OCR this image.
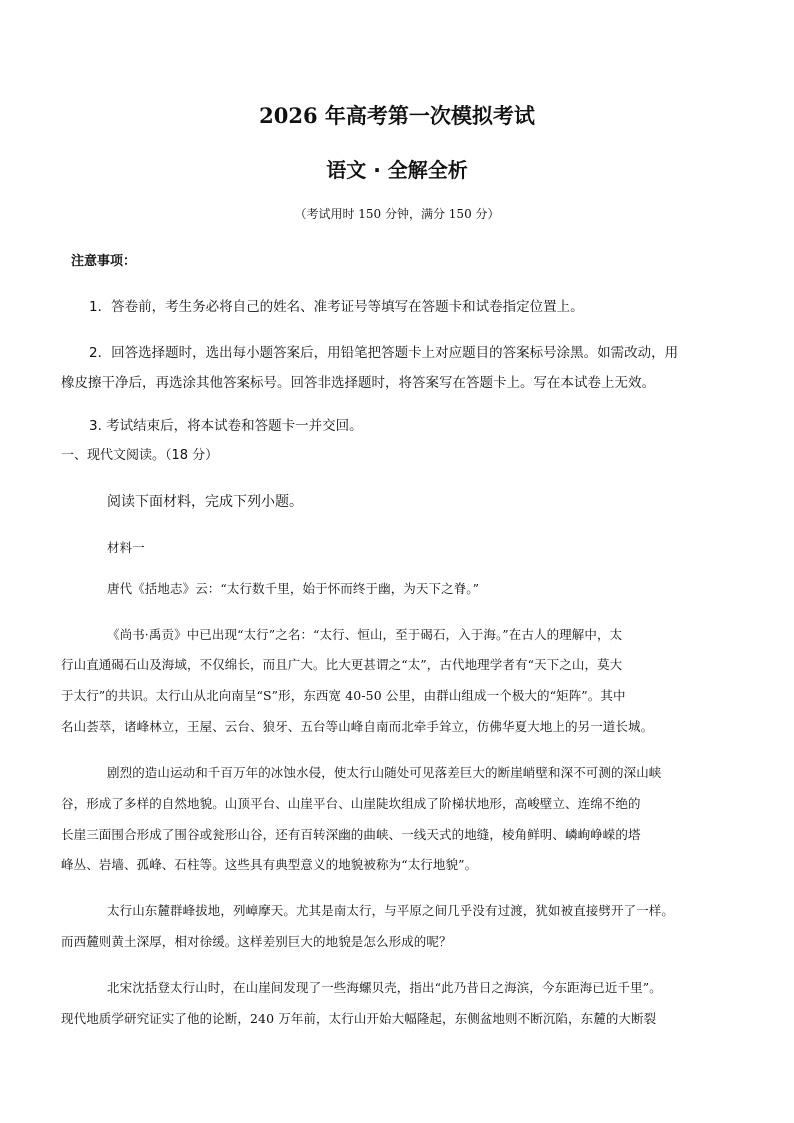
2026 年高考第一次模拟考试
语文 · 全解全析
（考试用时 150 分钟，满分 150 分）
注意事项：
1．答卷前，考生务必将自己的姓名、准考证号等填写在答题卡和试卷指定位置上。
2．回答选择题时，选出每小题答案后，用铅笔把答题卡上对应题目的答案标号涂黑。如需改动，用
橡皮擦干净后，再选涂其他答案标号。回答非选择题时，将答案写在答题卡上。写在本试卷上无效。
3. 考试结束后，将本试卷和答题卡一并交回。
一、现代文阅读。（18 分）
阅读下面材料，完成下列小题。
材料一
唐代《括地志》云：“太行数千里，始于怀而终于幽，为天下之脊。”
《尚书·禹贡》中已出现“太行”之名：“太行、恒山，至于碣石，入于海。”在古人的理解中，太
行山直通碣石山及海域，不仅绵长，而且广大。比大更甚谓之“太”，古代地理学者有“天下之山，莫大
于太行”的共识。太行山从北向南呈“S”形，东西宽 40-50 公里，由群山组成一个极大的“矩阵”。其中
名山荟萃，诸峰林立，王屋、云台、狼牙、五台等山峰自南而北牵手耸立，仿佛华夏大地上的另一道长城。
剧烈的造山运动和千百万年的冰蚀水侵，使太行山随处可见落差巨大的断崖峭壁和深不可测的深山峡
谷，形成了多样的自然地貌。山顶平台、山崖平台、山崖陡坎组成了阶梯状地形，高峻壁立、连绵不绝的
长崖三面围合形成了围谷或瓮形山谷，还有百转深幽的曲峡、一线天式的地缝，棱角鲜明、嶙峋峥嵘的塔
峰丛、岩墙、孤峰、石柱等。这些具有典型意义的地貌被称为“太行地貌”。
太行山东麓群峰拔地，列嶂摩天。尤其是南太行，与平原之间几乎没有过渡，犹如被直接劈开了一样。
而西麓则黄土深厚，相对徐缓。这样差别巨大的地貌是怎么形成的呢？
北宋沈括登太行山时，在山崖间发现了一些海螺贝壳，指出“此乃昔日之海滨，今东距海已近千里”。
现代地质学研究证实了他的论断，240 万年前，太行山开始大幅隆起，东侧盆地则不断沉陷，东麓的大断裂
